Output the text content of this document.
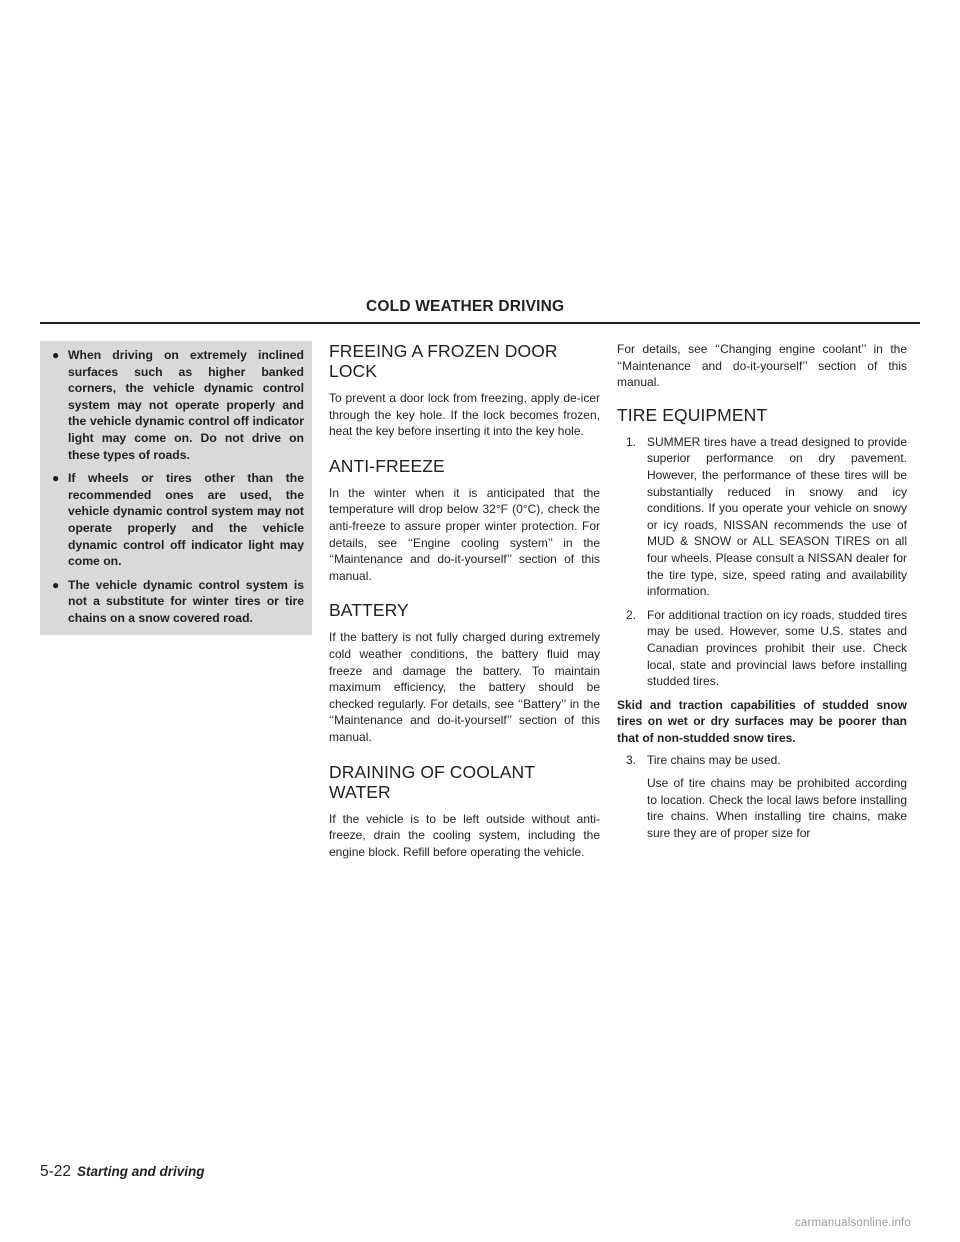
COLD WEATHER DRIVING
● When driving on extremely inclined surfaces such as higher banked corners, the vehicle dynamic control system may not operate properly and the vehicle dynamic control off indicator light may come on. Do not drive on these types of roads.
● If wheels or tires other than the recommended ones are used, the vehicle dynamic control system may not operate properly and the vehicle dynamic control off indicator light may come on.
● The vehicle dynamic control system is not a substitute for winter tires or tire chains on a snow covered road.
FREEING A FROZEN DOOR LOCK

To prevent a door lock from freezing, apply de-icer through the key hole. If the lock becomes frozen, heat the key before inserting it into the key hole.

ANTI-FREEZE

In the winter when it is anticipated that the temperature will drop below 32°F (0°C), check the anti-freeze to assure proper winter protection. For details, see ‘‘Engine cooling system’’ in the ‘‘Maintenance and do-it-yourself’’ section of this manual.

BATTERY

If the battery is not fully charged during extremely cold weather conditions, the battery fluid may freeze and damage the battery. To maintain maximum efficiency, the battery should be checked regularly. For details, see ‘‘Battery’’ in the ‘‘Maintenance and do-it-yourself’’ section of this manual.

DRAINING OF COOLANT WATER

If the vehicle is to be left outside without anti-freeze, drain the cooling system, including the engine block. Refill before operating the vehicle.

For details, see ‘‘Changing engine coolant’’ in the ‘‘Maintenance and do-it-yourself’’ section of this manual.

TIRE EQUIPMENT
1. SUMMER tires have a tread designed to provide superior performance on dry pavement. However, the performance of these tires will be substantially reduced in snowy and icy conditions. If you operate your vehicle on snowy or icy roads, NISSAN recommends the use of MUD & SNOW or ALL SEASON TIRES on all four wheels. Please consult a NISSAN dealer for the tire type, size, speed rating and availability information.
2. For additional traction on icy roads, studded tires may be used. However, some U.S. states and Canadian provinces prohibit their use. Check local, state and provincial laws before installing studded tires.

Skid and traction capabilities of studded snow tires on wet or dry surfaces may be poorer than that of non-studded snow tires.

3. Tire chains may be used.

Use of tire chains may be prohibited according to location. Check the local laws before installing tire chains. When installing tire chains, make sure they are of proper size for

5-22 Starting and driving
carmanualsonline.info
